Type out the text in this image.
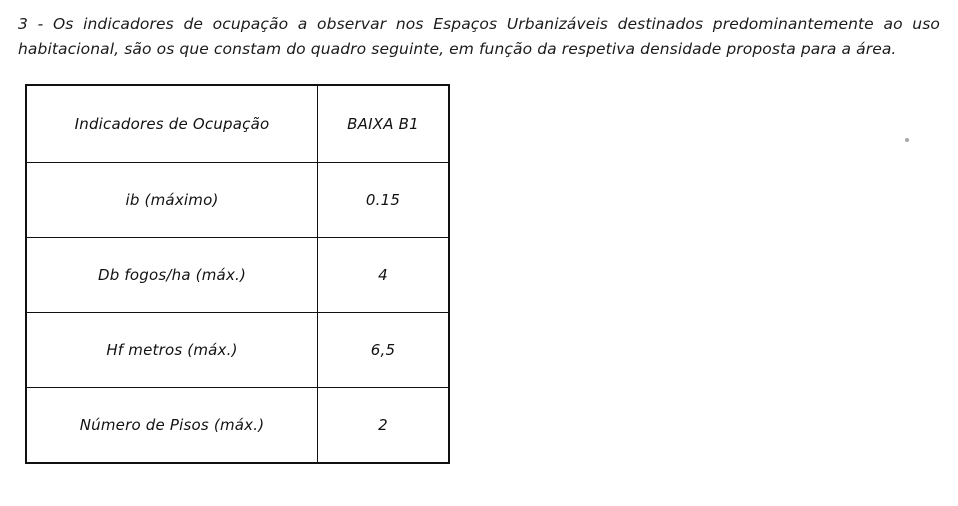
3 - Os indicadores de ocupação a observar nos Espaços Urbanizáveis destinados predominantemente ao uso habitacional, são os que constam do quadro seguinte, em função da respetiva densidade proposta para a área.

Indicadores de Ocupação	BAIXA B1
ib (máximo)	0.15
Db fogos/ha (máx.)	4
Hf metros (máx.)	6,5
Número de Pisos (máx.)	2
